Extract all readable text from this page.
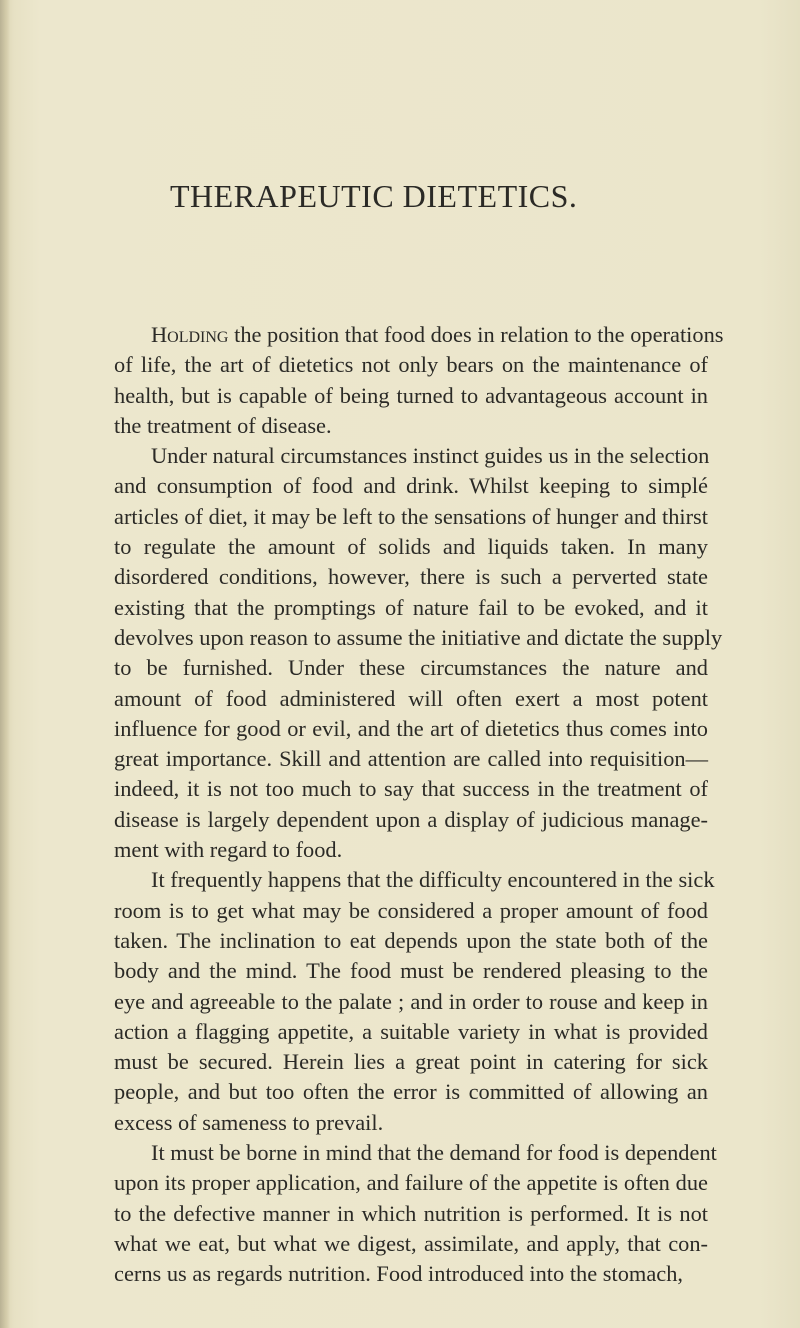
THERAPEUTIC DIETETICS.
Holding the position that food does in relation to the operations
of life, the art of dietetics not only bears on the maintenance of
health, but is capable of being turned to advantageous account in
the treatment of disease.
Under natural circumstances instinct guides us in the selection
and consumption of food and drink. Whilst keeping to simplé
articles of diet, it may be left to the sensations of hunger and thirst
to regulate the amount of solids and liquids taken. In many
disordered conditions, however, there is such a perverted state
existing that the promptings of nature fail to be evoked, and it
devolves upon reason to assume the initiative and dictate the supply
to be furnished. Under these circumstances the nature and
amount of food administered will often exert a most potent
influence for good or evil, and the art of dietetics thus comes into
great importance. Skill and attention are called into requisition—
indeed, it is not too much to say that success in the treatment of
disease is largely dependent upon a display of judicious manage-
ment with regard to food.
It frequently happens that the difficulty encountered in the sick
room is to get what may be considered a proper amount of food
taken. The inclination to eat depends upon the state both of the
body and the mind. The food must be rendered pleasing to the
eye and agreeable to the palate ; and in order to rouse and keep in
action a flagging appetite, a suitable variety in what is provided
must be secured. Herein lies a great point in catering for sick
people, and but too often the error is committed of allowing an
excess of sameness to prevail.
It must be borne in mind that the demand for food is dependent
upon its proper application, and failure of the appetite is often due
to the defective manner in which nutrition is performed. It is not
what we eat, but what we digest, assimilate, and apply, that con-
cerns us as regards nutrition. Food introduced into the stomach,
